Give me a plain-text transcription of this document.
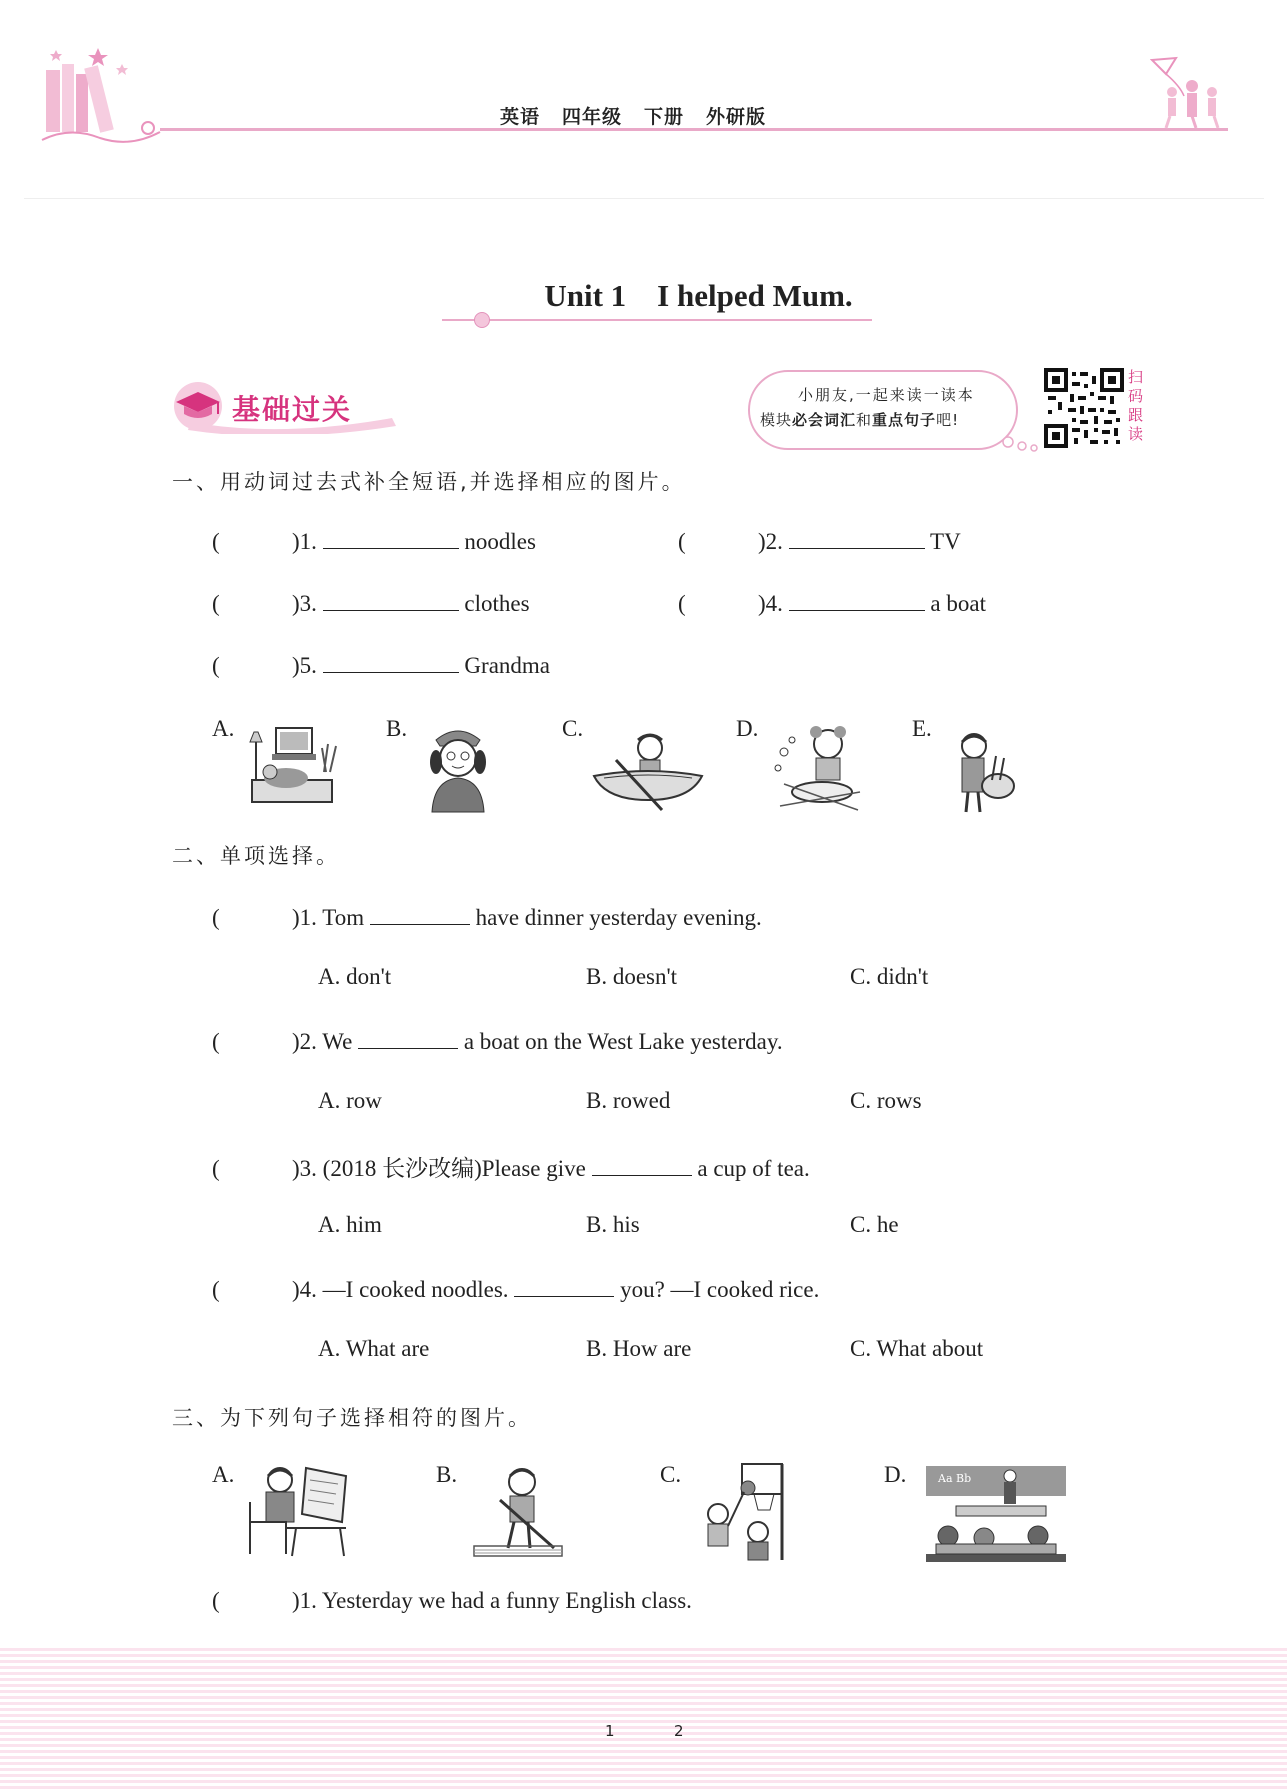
英语 四年级 下册 外研版
Unit 1    I helped Mum.
基础过关	小朋友,一起来读一读本
模块必会词汇和重点句子吧!
扫
码
跟
读
一、用动词过去式补全短语,并选择相应的图片。
(	)1.	noodles	(	)2.	TV
(	)3.	clothes	(	)4.	a boat
(	)5.	Grandma
A.	B.	C.	D.	E.
二、单项选择。
(	)1. Tom	have dinner yesterday evening.
A. don't	B. doesn't	C. didn't
(	)2. We	a boat on the West Lake yesterday.
A. row	B. rowed	C. rows
(	)3. (2018 长沙改编)Please give	a cup of tea.
A. him	B. his	C. he
(	)4. —I cooked noodles.	you? —I cooked rice.
A. What are	B. How are	C. What about
三、为下列句子选择相符的图片。
A.	B.	C.	D.	Aa Bb
(	)1. Yesterday we had a funny English class.
1	2
